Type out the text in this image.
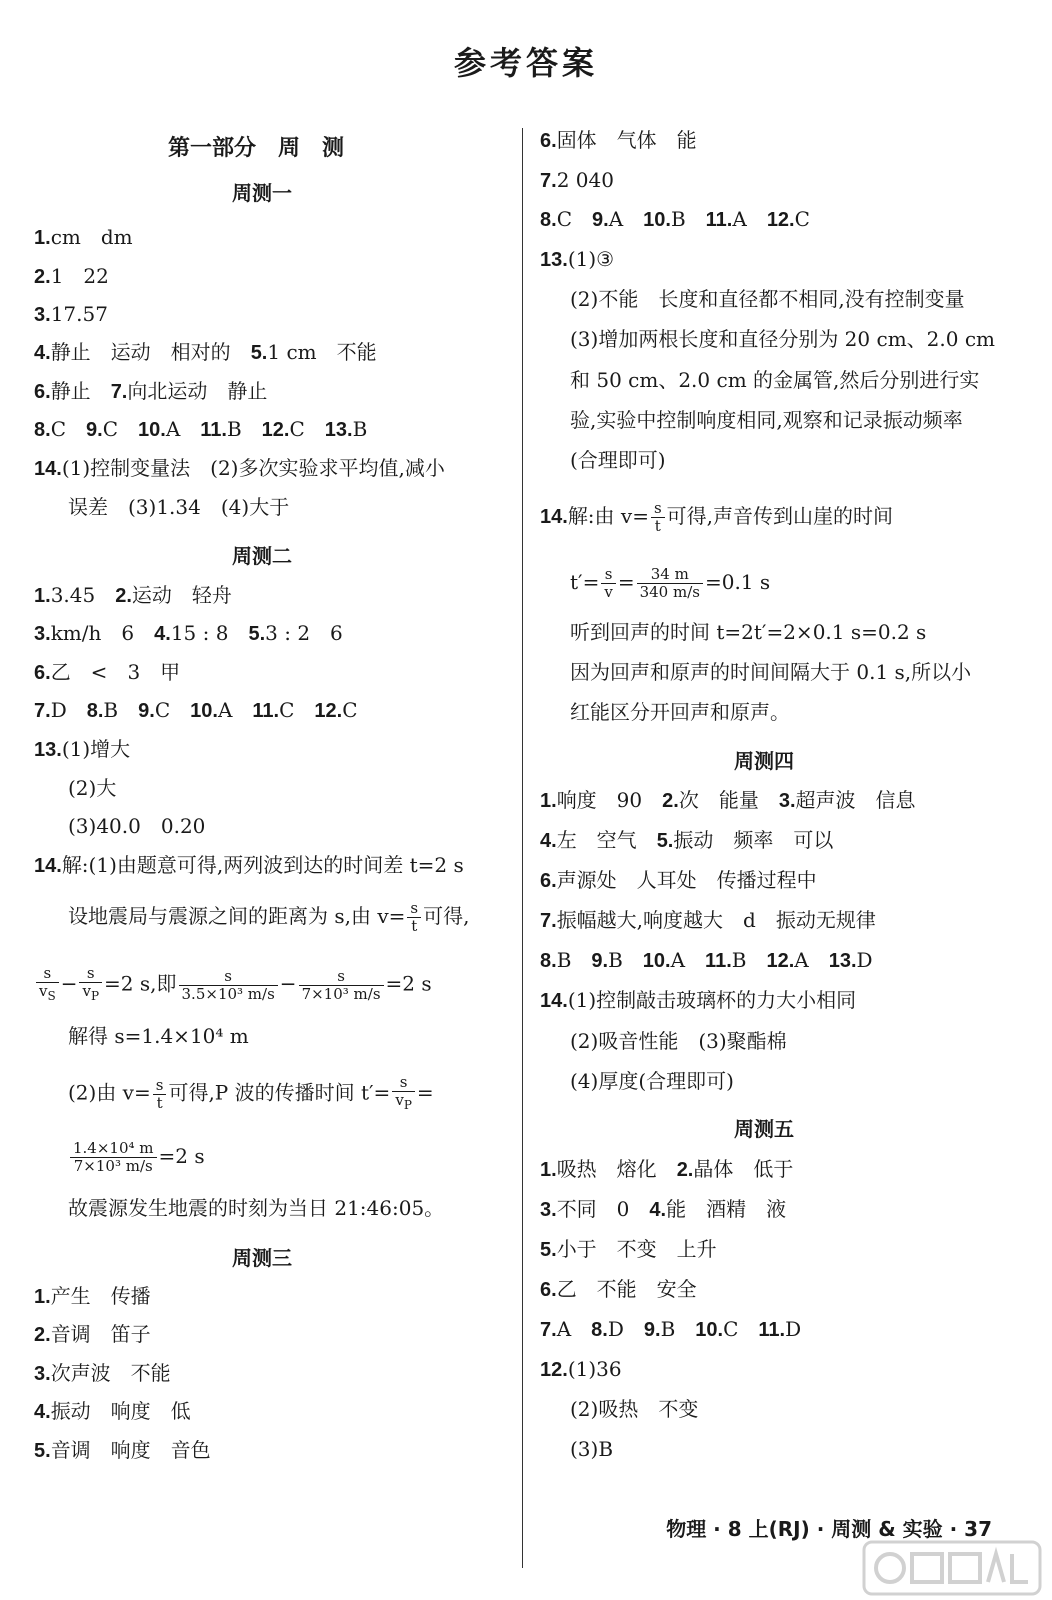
参考答案
第一部分　周　测
周测一
1.cm　dm
2.1　22
3.17.57
4.静止　运动　相对的　5.1 cm　不能
6.静止　7.向北运动　静止
8.C　9.C　10.A　11.B　12.C　13.B
14.(1)控制变量法　(2)多次实验求平均值,减小
误差　(3)1.34　(4)大于
周测二
1.3.45　2.运动　轻舟
3.km/h　6　4.15 : 8　5.3 : 2　6
6.乙　<　3　甲
7.D　8.B　9.C　10.A　11.C　12.C
13.(1)增大
(2)大
(3)40.0　0.20
14.解:(1)由题意可得,两列波到达的时间差 t=2 s
设地震局与震源之间的距离为 s,由 $v= \frac{s}{t}$ 可得,
$\frac{s}{v_S} - \frac{s}{v_P} =2$ s,即 $\frac{s}{\text{3.5×10³ m/s}} - \frac{s}{\text{7×10³ m/s}} =2$ s
解得 s=1.4×10⁴ m
(2)由 $v= \frac{s}{t}$ 可得,P 波的传播时间 $t'= \frac{s}{v_P}$ =
$\frac{\text{1.4×10⁴ m}}{\text{7×10³ m/s}} =2$ s
故震源发生地震的时刻为当日 21:46:05。
周测三
1.产生　传播
2.音调　笛子
3.次声波　不能
4.振动　响度　低
5.音调　响度　音色
6.固体　气体　能
7.2 040
8.C　9.A　10.B　11.A　12.C
13.(1)③
(2)不能　长度和直径都不相同,没有控制变量
(3)增加两根长度和直径分别为 20 cm、2.0 cm
和 50 cm、2.0 cm 的金属管,然后分别进行实
验,实验中控制响度相同,观察和记录振动频率
(合理即可)
14.解:由 $v= \frac{s}{t}$ 可得,声音传到山崖的时间
$t'= \frac{s}{v} = \frac{34 m}{340 m/s} =0.1$ s
听到回声的时间 t=2t′=2×0.1 s=0.2 s
因为回声和原声的时间间隔大于 0.1 s,所以小
红能区分开回声和原声。
周测四
1.响度　90　2.次　能量　3.超声波　信息
4.左　空气　5.振动　频率　可以
6.声源处　人耳处　传播过程中
7.振幅越大,响度越大　d　振动无规律
8.B　9.B　10.A　11.B　12.A　13.D
14.(1)控制敲击玻璃杯的力大小相同
(2)吸音性能　(3)聚酯棉
(4)厚度(合理即可)
周测五
1.吸热　熔化　2.晶体　低于
3.不同　0　4.能　酒精　液
5.小于　不变　上升
6.乙　不能　安全
7.A　8.D　9.B　10.C　11.D
12.(1)36
(2)吸热　不变
(3)B
物理 · 8 上(RJ) · 周测 & 实验 · 37
